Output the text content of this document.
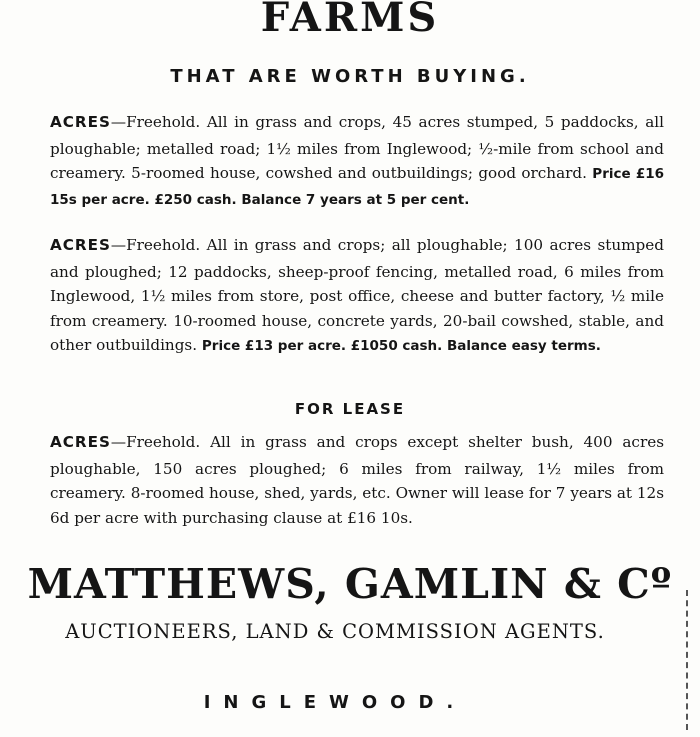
FARMS
THAT ARE WORTH BUYING.
ACRES—Freehold. All in grass and crops, 45 acres stumped, 5 paddocks, all ploughable; metalled road; 1½ miles from Inglewood; ½-mile from school and creamery. 5-roomed house, cowshed and outbuildings; good orchard. Price £16 15s per acre. £250 cash. Balance 7 years at 5 per cent.
ACRES—Freehold. All in grass and crops; all ploughable; 100 acres stumped and ploughed; 12 paddocks, sheep-proof fencing, metalled road, 6 miles from Inglewood, 1½ miles from store, post office, cheese and butter factory, ½ mile from creamery. 10-roomed house, concrete yards, 20-bail cowshed, stable, and other outbuildings. Price £13 per acre. £1050 cash. Balance easy terms.
FOR LEASE
ACRES—Freehold. All in grass and crops except shelter bush, 400 acres ploughable, 150 acres ploughed; 6 miles from railway, 1½ miles from creamery. 8-roomed house, shed, yards, etc. Owner will lease for 7 years at 12s 6d per acre with purchasing clause at £16 10s.
MATTHEWS, GAMLIN & Cº
AUCTIONEERS, LAND & COMMISSION AGENTS.
INGLEWOOD.
